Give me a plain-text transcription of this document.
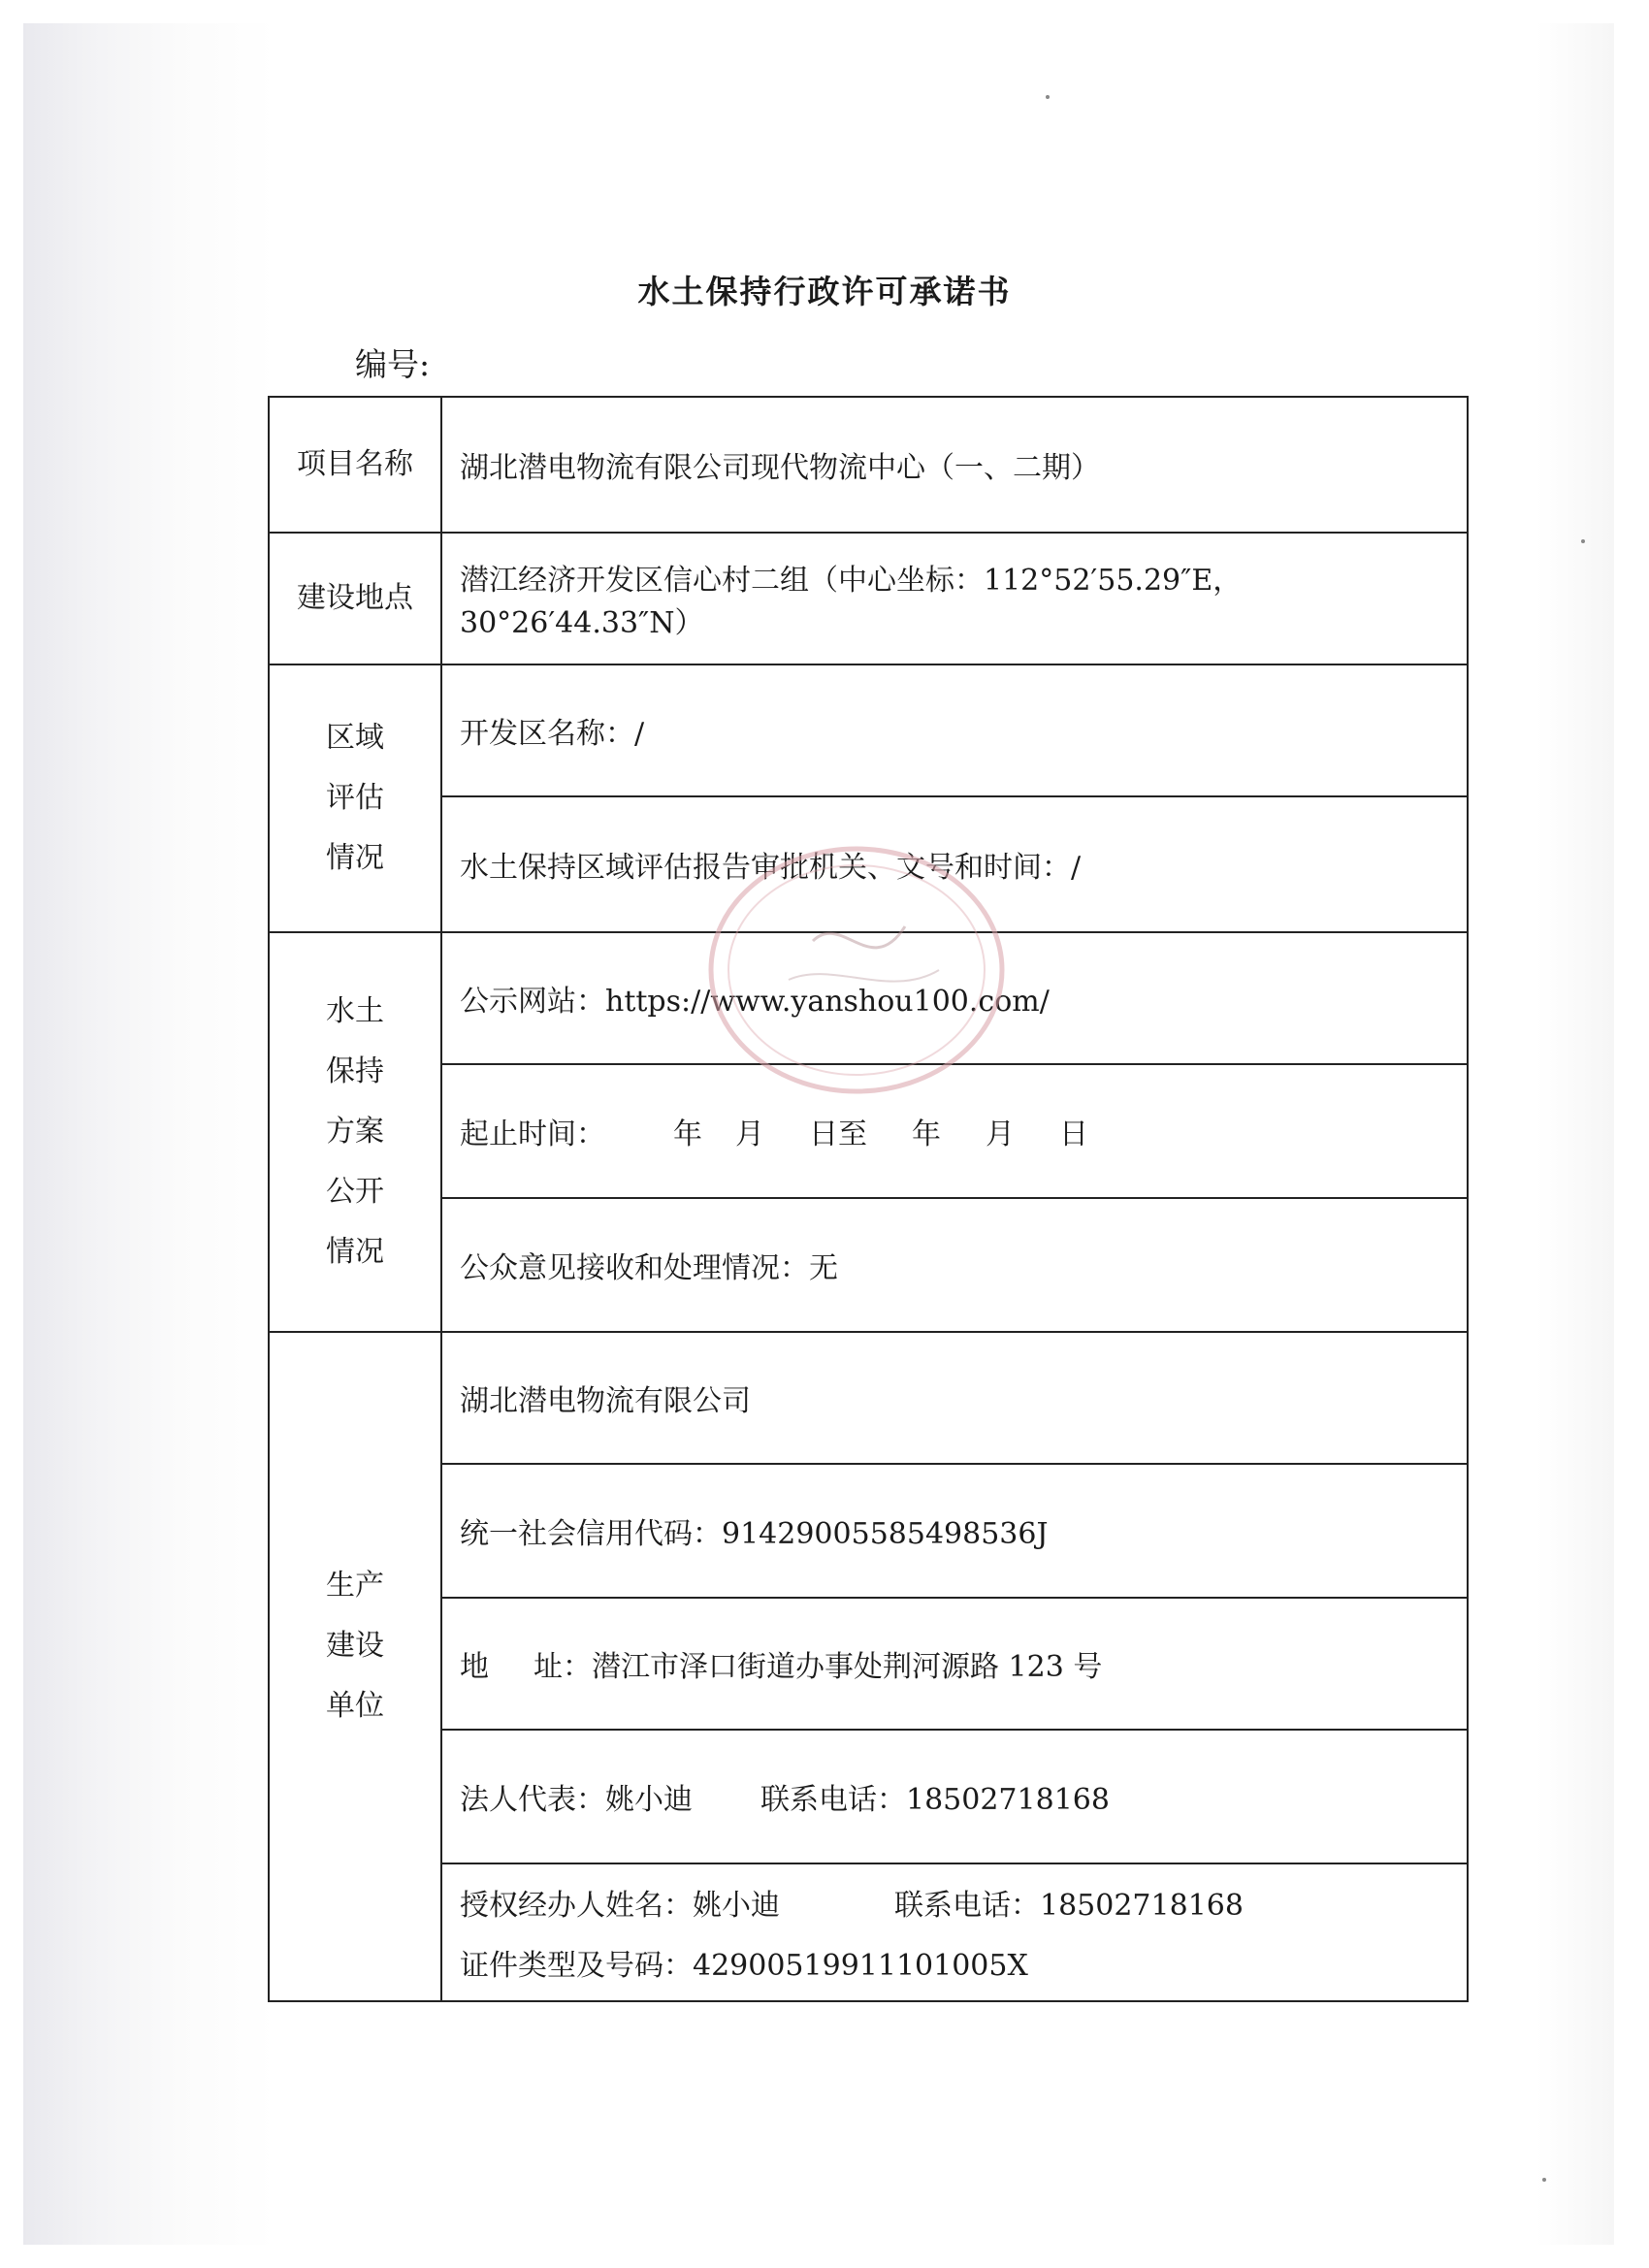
水土保持行政许可承诺书
编号:
项目名称	湖北潜电物流有限公司现代物流中心（一、二期）
建设地点	潜江经济开发区信心村二组（中心坐标：112°52′55.29″E，30°26′44.33″N）

区域
评估
情况	开发区名称：/
	水土保持区域评估报告审批机关、文号和时间：/

水土
保持
方案
公开
情况	公示网站：https://www.yanshou100.com/
	起止时间： 年 月 日至 年 月 日
	公众意见接收和处理情况：无

生产
建设
单位	湖北潜电物流有限公司
	统一社会信用代码：91429005585498536J
	地 址：潜江市泽口街道办事处荆河源路 123 号
	法人代表：姚小迪 联系电话：18502718168

	授权经办人姓名：姚小迪 联系电话：18502718168
证件类型及号码：42900519911101005X
